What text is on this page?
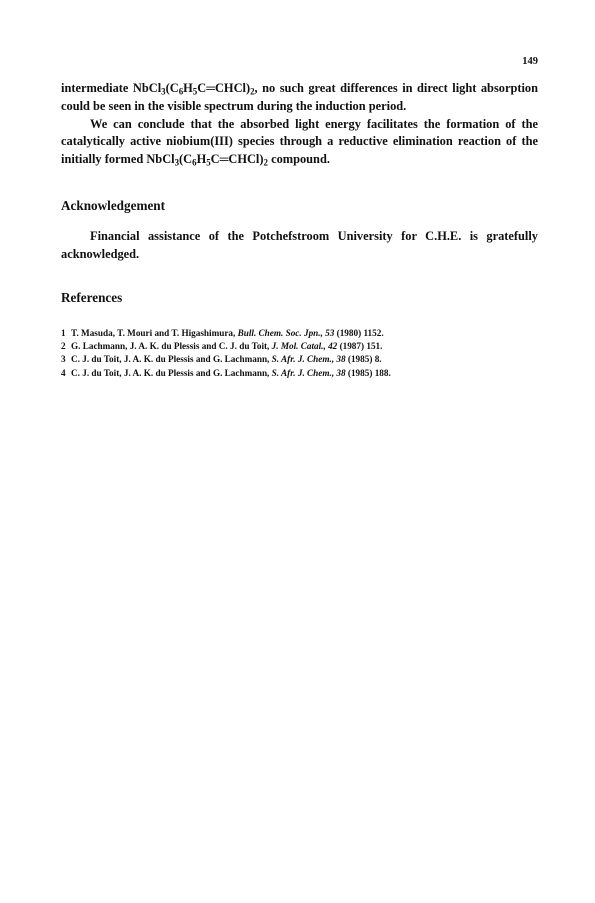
149

intermediate $NbCl_3(C_6H_5C═CHCl)_2$, no such great differences in direct light absorption could be seen in the visible spectrum during the induction period.

We can conclude that the absorbed light energy facilitates the formation of the catalytically active niobium(III) species through a reductive elimination reaction of the initially formed $NbCl_3(C_6H_5C═CHCl)_2$ compound.

Acknowledgement

Financial assistance of the Potchefstroom University for C.H.E. is gratefully acknowledged.

References
1 T. Masuda, T. Mouri and T. Higashimura, Bull. Chem. Soc. Jpn., 53 (1980) 1152.
2 G. Lachmann, J. A. K. du Plessis and C. J. du Toit, J. Mol. Catal., 42 (1987) 151.
3 C. J. du Toit, J. A. K. du Plessis and G. Lachmann, S. Afr. J. Chem., 38 (1985) 8.
4 C. J. du Toit, J. A. K. du Plessis and G. Lachmann, S. Afr. J. Chem., 38 (1985) 188.
